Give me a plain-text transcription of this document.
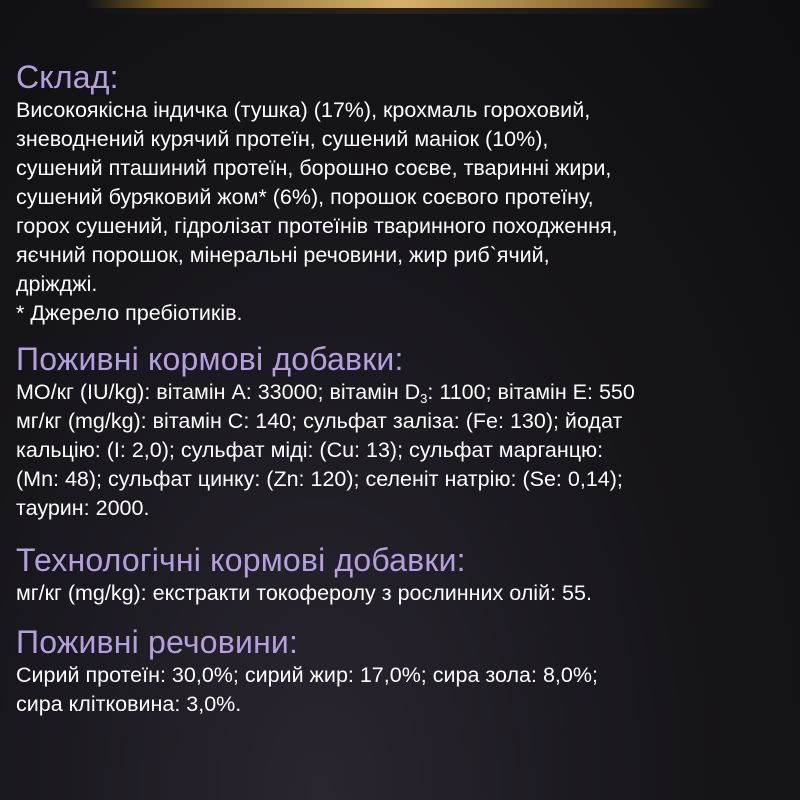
Склад:

Високоякісна індичка (тушка) (17%), крохмаль гороховий,
зневоднений курячий протеїн, сушений маніок (10%),
сушений пташиний протеїн, борошно соєве, тваринні жири,
сушений буряковий жом* (6%), порошок соєвого протеїну,
горох сушений, гідролізат протеїнів тваринного походження,
яєчний порошок, мінеральні речовини, жир риб`ячий,
дріжджі.
* Джерело пребіотиків.

Поживні кормові добавки:

МО/кг (IU/kg): вітамін А: 33000; вітамін $D_3$: 1100; вітамін Е: 550
мг/кг (mg/kg): вітамін С: 140; сульфат заліза: (Fe: 130); йодат
кальцію: (I: 2,0); сульфат міді: (Cu: 13); сульфат марганцю:
(Mn: 48); сульфат цинку: (Zn: 120); селеніт натрію: (Se: 0,14);
таурин: 2000.

Технологічні кормові добавки:

мг/кг (mg/kg): екстракти токоферолу з рослинних олій: 55.

Поживні речовини:

Сирий протеїн: 30,0%; сирий жир: 17,0%; сира зола: 8,0%;
сира клітковина: 3,0%.
